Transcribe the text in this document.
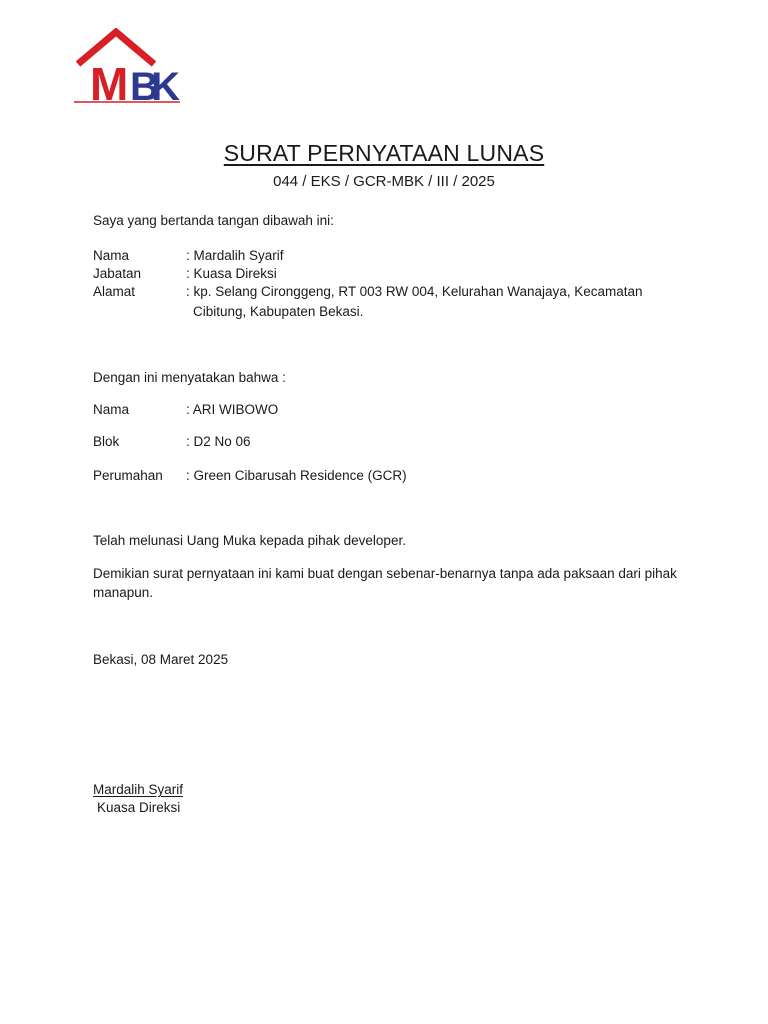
M BK
SURAT PERNYATAAN LUNAS
044 / EKS / GCR-MBK / III / 2025
Saya yang bertanda tangan dibawah ini:
Nama	: Mardalih Syarif
Jabatan	: Kuasa Direksi
Alamat	: kp. Selang Cironggeng, RT 003 RW 004, Kelurahan Wanajaya, Kecamatan
Cibitung, Kabupaten Bekasi.
Dengan ini menyatakan bahwa :
Nama	: ARI WIBOWO
Blok	: D2 No 06
Perumahan : Green Cibarusah Residence (GCR)
Telah melunasi Uang Muka kepada pihak developer.
Demikian surat pernyataan ini kami buat dengan sebenar-benarnya tanpa ada paksaan dari pihak manapun.
Bekasi, 08 Maret 2025
Mardalih Syarif
Kuasa Direksi
